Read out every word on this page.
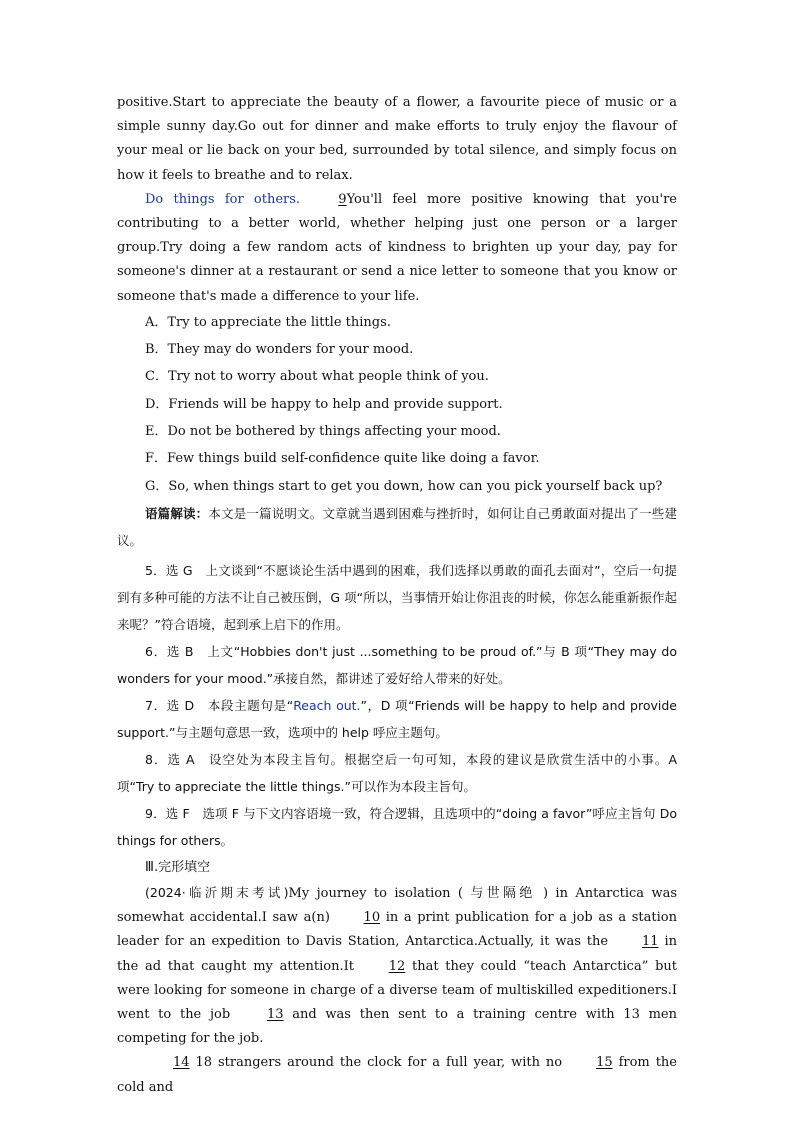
positive.Start to appreciate the beauty of a flower, a favourite piece of music or a simple sunny day.Go out for dinner and make efforts to truly enjoy the flavour of your meal or lie back on your bed, surrounded by total silence, and simply focus on how it feels to breathe and to relax.

Do things for others.	9You'll feel more positive knowing that you're contributing to a better world, whether helping just one person or a larger group.Try doing a few random acts of kindness to brighten up your day, pay for someone's dinner at a restaurant or send a nice letter to someone that you know or someone that's made a difference to your life.

A．Try to appreciate the little things.

B．They may do wonders for your mood.

C．Try not to worry about what people think of you.

D．Friends will be happy to help and provide support.

E．Do not be bothered by things affecting your mood.

F．Few things build self-confidence quite like doing a favor.

G．So, when things start to get you down, how can you pick yourself back up?

语篇解读：本文是一篇说明文。文章就当遇到困难与挫折时，如何让自己勇敢面对提出了一些建议。

5．选 G　上文谈到“不愿谈论生活中遇到的困难，我们选择以勇敢的面孔去面对”，空后一句提到有多种可能的方法不让自己被压倒，G 项“所以，当事情开始让你沮丧的时候，你怎么能重新振作起来呢？”符合语境，起到承上启下的作用。

6．选 B　上文“Hobbies don't just ...something to be proud of.”与 B 项“They may do wonders for your mood.”承接自然，都讲述了爱好给人带来的好处。

7．选 D　本段主题句是“Reach out.”，D 项“Friends will be happy to help and provide support.”与主题句意思一致，选项中的 help 呼应主题句。

8．选 A　设空处为本段主旨句。根据空后一句可知，本段的建议是欣赏生活中的小事。A 项“Try to appreciate the little things.”可以作为本段主旨句。

9．选 F　选项 F 与下文内容语境一致，符合逻辑，且选项中的“doing a favor”呼应主旨句 Do things for others。

Ⅲ.完形填空

(2024·临沂期末考试)My journey to isolation ( 与世隔绝 ) in Antarctica was somewhat accidental.I saw a(n) 10 in a print publication for a job as a station leader for an expedition to Davis Station, Antarctica.Actually, it was the 11 in the ad that caught my attention.It 12 that they could “teach Antarctica” but were looking for someone in charge of a diverse team of multiskilled expeditioners.I went to the job 13 and was then sent to a training centre with 13 men competing for the job.

14 18 strangers around the clock for a full year, with no 15 from the cold and
